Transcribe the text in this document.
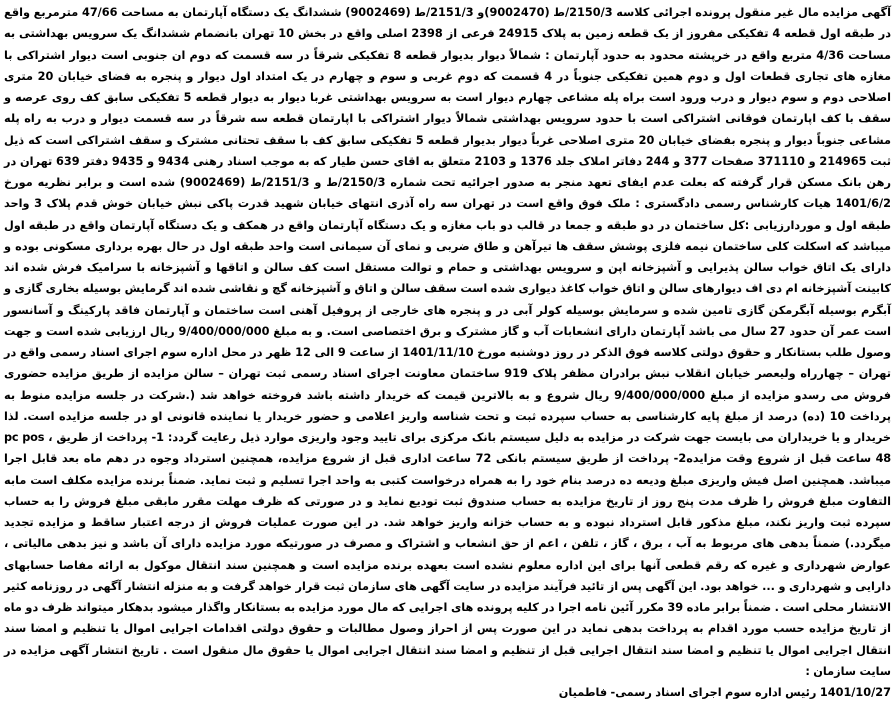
آگهی مزایده مال غیر منقول پرونده اجرائی کلاسه 2150/3/ط (9002470)و 2151/3/ط (9002469) ششدانگ یک دستگاه آپارتمان به مساحت 47/66 مترمربع واقع در طبقه اول قطعه 4 تفکیکی مفروز از یک قطعه زمین به پلاک 24915 فرعی از 2398 اصلی واقع در بخش 10 تهران بانضمام ششدانگ یک سرویس بهداشتی به مساحت 4/36 متربع واقع در خرپشته محدود به حدود آپارتمان : شمالاً دیوار بدیوار قطعه 8 تفکیکی شرقاً در سه قسمت که دوم ان جنوبی است دیوار اشتراکی با مغازه های تجاری قطعات اول و دوم همین تفکیکی جنوباً در 4 قسمت که دوم غربی و سوم و چهارم در یک امتداد اول دیوار و پنجره به فضای خیابان 20 متری اصلاحی دوم و سوم دیوار و درب ورود است براه پله مشاعی چهارم دیوار است به سرویس بهداشتی غربا دیوار به دیوار قطعه 5 تفکیکی سابق کف روی عرصه و سقف با کف اپارتمان فوقانی اشتراکی است با حدود سرویس بهداشتی شمالاً دیوار اشتراکی با اپارتمان قطعه سه شرقاً در سه قسمت دیوار و درب به راه پله مشاعی جنوباً دیوار و پنجره بفضای خیابان 20 متری اصلاحی غرباً دیوار بدیوار قطعه 5 تفکیکی سابق کف با سقف تحتانی مشترک و سقف اشتراکی است که ذیل ثبت 214965 و 371110 صفحات 377 و 244 دفاتر املاک جلد 1376 و 2103 متعلق به اقای حسن طیار که به موجب اسناد رهنی 9434 و 9435 دفتر 639 تهران در رهن بانک مسکن قرار گرفته که بعلت عدم ایفای تعهد منجر به صدور اجرائیه تحت شماره 2150/3/ط و 2151/3/ط (9002469) شده است و برابر نظریه مورخ 1401/6/2 هیات کارشناس رسمی دادگستری : ملک فوق واقع است در تهران سه راه آذری انتهای خیابان شهید قدرت پاکی نبش خیابان خوش قدم پلاک 3 واحد طبقه اول و موردارزیابی :کل ساختمان در دو طبقه و جمعا در قالب دو باب مغازه و یک دستگاه آپارتمان واقع در همکف و یک دستگاه آپارتمان واقع در طبقه اول میباشد که اسکلت کلی ساختمان نیمه فلزی پوشش سقف ها تیرآهن و طاق ضربی و نمای آن سیمانی است واحد طبقه اول در حال بهره برداری مسکونی بوده و دارای یک اتاق خواب سالن پذیرایی و آشپزخانه اپن و سرویس بهداشتی و حمام و توالت مستقل است کف سالن و اتاقها و آشپزخانه با سرامیک فرش شده اند کابینت آشپزخانه ام دی اف دیوارهای سالن و اتاق خواب کاغذ دیواری شده است سقف سالن و اتاق و آشپزخانه گچ و نقاشی شده اند گرمایش بوسیله بخاری گازی و آبگرم بوسیله آبگرمکن گازی تامین شده و سرمایش بوسیله کولر آبی در و پنجره های خارجی از پروفیل آهنی است ساختمان و آپارتمان فاقد پارکینگ و آسانسور است عمر آن حدود 27 سال می باشد آپارتمان دارای انشعابات آب و گاز مشترک و برق اختصاصی است. و به مبلغ 9/400/000/000 ریال ارزیابی شده است و جهت وصول طلب بستانکار و حقوق دولتی کلاسه فوق الذکر در روز دوشنبه مورخ 1401/11/10 از ساعت 9 الی 12 ظهر در محل اداره سوم اجرای اسناد رسمی واقع در تهران – چهارراه ولیعصر خیابان انقلاب نبش برادران مظفر پلاک 919 ساختمان معاونت اجرای اسناد رسمی ثبت تهران – سالن مزایده از طریق مزایده حضوری فروش می رسدو مزایده از مبلغ 9/400/000/000 ریال شروع و به بالاترین قیمت که خریدار داشته باشد فروخته خواهد شد (.شرکت در جلسه مزایده منوط به پرداخت 10 (ده) درصد از مبلغ پایه کارشناسی به حساب سپرده ثبت و تحت شناسه واریز اعلامی و حضور خریدار یا نماینده قانونی او در جلسه مزایده است. لذا خریدار و یا خریداران می بایست جهت شرکت در مزایده به دلیل سیستم بانک مرکزی برای تایید وجود واریزی موارد ذیل رعایت گردد: 1- پرداخت از طریق ، pc pos 48 ساعت قبل از شروع وقت مزایده2- پرداخت از طریق سیستم بانکی 72 ساعت اداری قبل از شروع مزایده، همچنین استرداد وجوه در دهم ماه بعد قابل اجرا میباشد. همچنین اصل فیش واریزی مبلغ ودیعه ده درصد بنام خود را به همراه درخواست کتبی به واحد اجرا تسلیم و ثبت نماید. ضمناً برنده مزایده مکلف است مابه التفاوت مبلغ فروش را ظرف مدت پنج روز از تاریخ مزایده به حساب صندوق ثبت تودیع نماید و در صورتی که ظرف مهلت مقرر مابقی مبلغ فروش را به حساب سپرده ثبت واریز نکند، مبلغ مذکور قابل استرداد نبوده و به حساب خزانه واریز خواهد شد. در این صورت عملیات فروش از درجه اعتبار ساقط و مزایده تجدید میگردد.) ضمناً بدهی های مربوط به آب ، برق ، گاز ، تلفن ، اعم از حق انشعاب و اشتراک و مصرف در صورتیکه مورد مزایده دارای آن باشد و نیز بدهی مالیاتی ، عوارض شهرداری و غیره که رقم قطعی آنها برای این اداره معلوم نشده است بعهده برنده مزایده است و همچنین سند انتقال موکول به ارائه مفاصا حسابهای دارایی و شهرداری و ... خواهد بود. این آگهی پس از تائید فرآیند مزایده در سایت آگهی های سازمان ثبت قرار خواهد گرفت و به منزله انتشار آگهی در روزنامه کثیر الانتشار محلی است . ضمناً برابر ماده 39 مکرر آئین نامه اجرا در کلیه پرونده های اجرایی که مال مورد مزایده به بستانکار واگذار میشود بدهکار میتواند ظرف دو ماه از تاریخ مزایده حسب مورد اقدام به پرداخت بدهی نماید در این صورت پس از احراز وصول مطالبات و حقوق دولتی اقدامات اجرایی اموال یا تنظیم و امضا سند انتقال اجرایی اموال یا تنظیم و امضا سند انتقال اجرایی قبل از تنظیم و امضا سند انتقال اجرایی اموال یا حقوق مال منقول است . تاریخ انتشار آگهی مزایده در سایت سازمان :
1401/10/27 رئیس اداره سوم اجرای اسناد رسمی- فاطمیان
